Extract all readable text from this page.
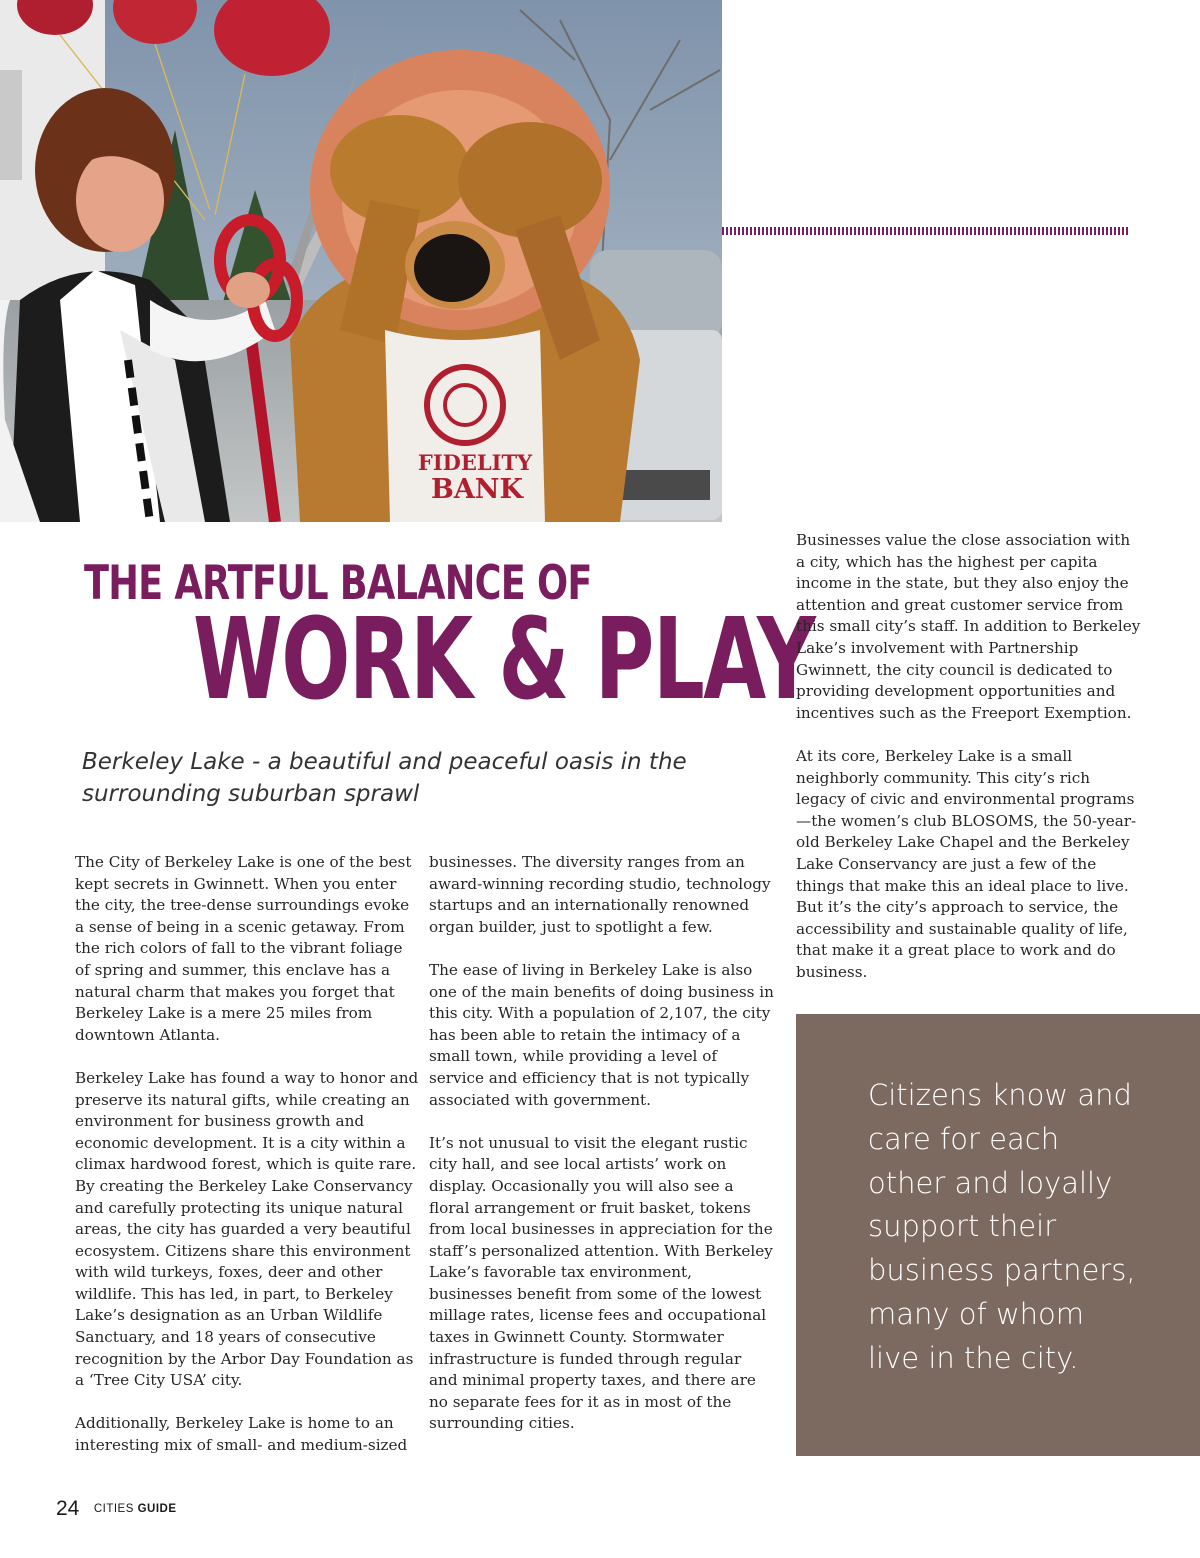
FIDELITY
BANK
THE ARTFUL BALANCE OF
WORK & PLAY

Berkeley Lake - a beautiful and peaceful oasis in the surrounding suburban sprawl

The City of Berkeley Lake is one of the best kept secrets in Gwinnett. When you enter the city, the tree-dense surroundings evoke a sense of being in a scenic getaway. From the rich colors of fall to the vibrant foliage of spring and summer, this enclave has a natural charm that makes you forget that Berkeley Lake is a mere 25 miles from downtown Atlanta.

Berkeley Lake has found a way to honor and preserve its natural gifts, while creating an environment for business growth and economic development. It is a city within a climax hardwood forest, which is quite rare. By creating the Berkeley Lake Conservancy and carefully protecting its unique natural areas, the city has guarded a very beautiful ecosystem. Citizens share this environment with wild turkeys, foxes, deer and other wildlife. This has led, in part, to Berkeley Lake’s designation as an Urban Wildlife Sanctuary, and 18 years of consecutive recognition by the Arbor Day Foundation as a ‘Tree City USA’ city.

Additionally, Berkeley Lake is home to an interesting mix of small- and medium-sized

businesses. The diversity ranges from an award-winning recording studio, technology startups and an internationally renowned organ builder, just to spotlight a few.

The ease of living in Berkeley Lake is also one of the main benefits of doing business in this city. With a population of 2,107, the city has been able to retain the intimacy of a small town, while providing a level of service and efficiency that is not typically associated with government.

It’s not unusual to visit the elegant rustic city hall, and see local artists’ work on display. Occasionally you will also see a floral arrangement or fruit basket, tokens from local businesses in appreciation for the staff’s personalized attention. With Berkeley Lake’s favorable tax environment, businesses benefit from some of the lowest millage rates, license fees and occupational taxes in Gwinnett County. Stormwater infrastructure is funded through regular and minimal property taxes, and there are no separate fees for it as in most of the surrounding cities.

Businesses value the close association with a city, which has the highest per capita income in the state, but they also enjoy the attention and great customer service from this small city’s staff. In addition to Berkeley Lake’s involvement with Partnership Gwinnett, the city council is dedicated to providing development opportunities and incentives such as the Freeport Exemption.

At its core, Berkeley Lake is a small neighborly community. This city’s rich legacy of civic and environmental programs—the women’s club BLOSOMS, the 50-year-old Berkeley Lake Chapel and the Berkeley Lake Conservancy are just a few of the things that make this an ideal place to live. But it’s the city’s approach to service, the accessibility and sustainable quality of life, that make it a great place to work and do business.

Citizens know and care for each other and loyally support their business partners, many of whom live in the city.
24 CITIES GUIDE
